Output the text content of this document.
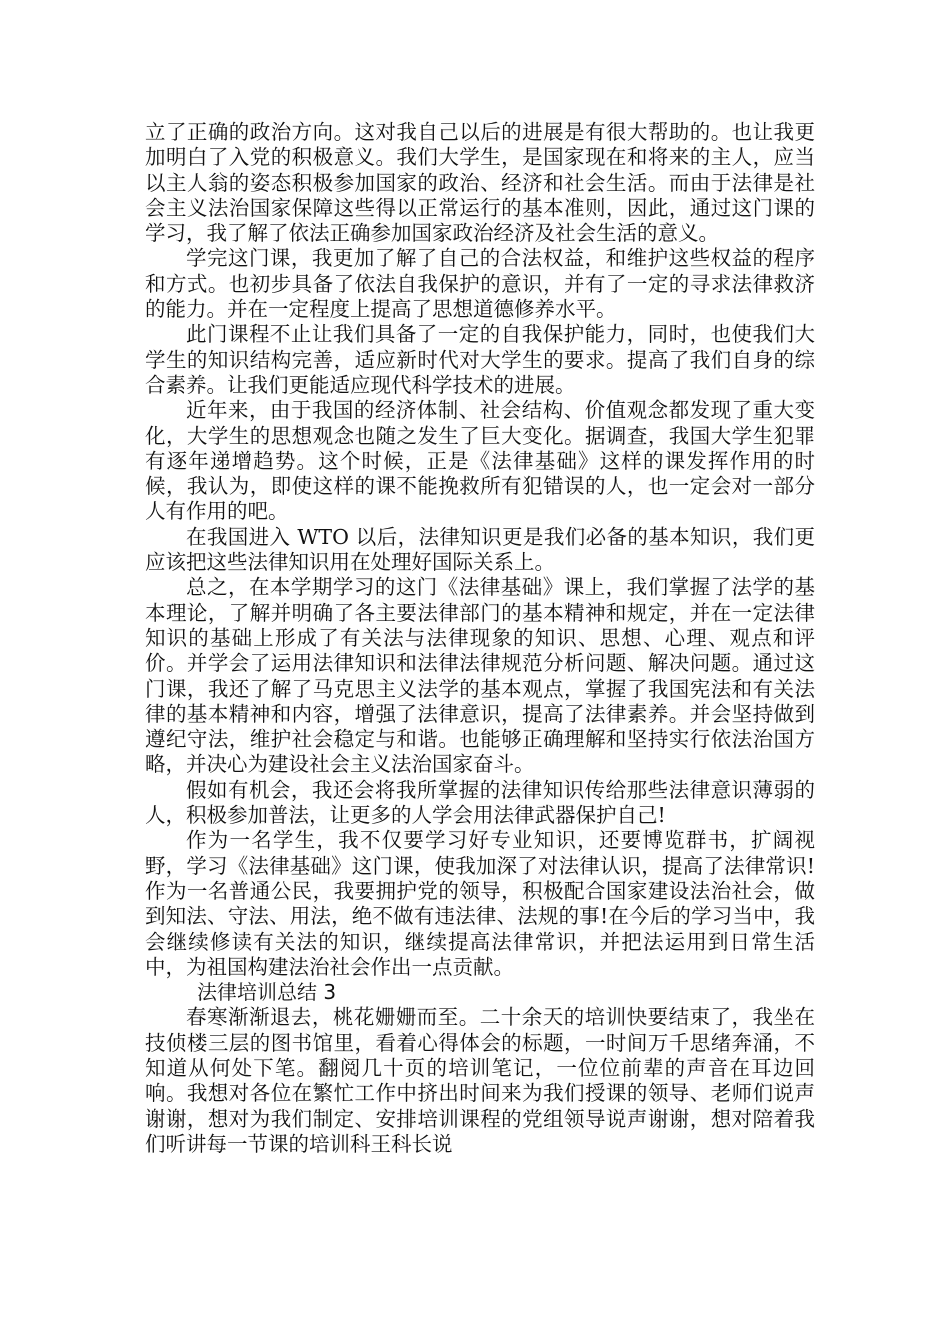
立了正确的政治方向。这对我自己以后的进展是有很大帮助的。也让我更加明白了入党的积极意义。我们大学生，是国家现在和将来的主人，应当以主人翁的姿态积极参加国家的政治、经济和社会生活。而由于法律是社会主义法治国家保障这些得以正常运行的基本准则，因此，通过这门课的学习，我了解了依法正确参加国家政治经济及社会生活的意义。

学完这门课，我更加了解了自己的合法权益，和维护这些权益的程序和方式。也初步具备了依法自我保护的意识，并有了一定的寻求法律救济的能力。并在一定程度上提高了思想道德修养水平。

此门课程不止让我们具备了一定的自我保护能力，同时，也使我们大学生的知识结构完善，适应新时代对大学生的要求。提高了我们自身的综合素养。让我们更能适应现代科学技术的进展。

近年来，由于我国的经济体制、社会结构、价值观念都发现了重大变化，大学生的思想观念也随之发生了巨大变化。据调查，我国大学生犯罪有逐年递增趋势。这个时候，正是《法律基础》这样的课发挥作用的时候，我认为，即使这样的课不能挽救所有犯错误的人，也一定会对一部分人有作用的吧。

在我国进入 WTO 以后，法律知识更是我们必备的基本知识，我们更应该把这些法律知识用在处理好国际关系上。

总之，在本学期学习的这门《法律基础》课上，我们掌握了法学的基本理论，了解并明确了各主要法律部门的基本精神和规定，并在一定法律知识的基础上形成了有关法与法律现象的知识、思想、心理、观点和评价。并学会了运用法律知识和法律法律规范分析问题、解决问题。通过这门课，我还了解了马克思主义法学的基本观点，掌握了我国宪法和有关法律的基本精神和内容，增强了法律意识，提高了法律素养。并会坚持做到遵纪守法，维护社会稳定与和谐。也能够正确理解和坚持实行依法治国方略，并决心为建设社会主义法治国家奋斗。

假如有机会，我还会将我所掌握的法律知识传给那些法律意识薄弱的人，积极参加普法，让更多的人学会用法律武器保护自己!

作为一名学生，我不仅要学习好专业知识，还要博览群书，扩阔视野，学习《法律基础》这门课，使我加深了对法律认识，提高了法律常识!作为一名普通公民，我要拥护党的领导，积极配合国家建设法治社会，做到知法、守法、用法，绝不做有违法律、法规的事!在今后的学习当中，我会继续修读有关法的知识，继续提高法律常识，并把法运用到日常生活中，为祖国构建法治社会作出一点贡献。

法律培训总结 3

春寒渐渐退去，桃花姗姗而至。二十余天的培训快要结束了，我坐在技侦楼三层的图书馆里，看着心得体会的标题，一时间万千思绪奔涌，不知道从何处下笔。翻阅几十页的培训笔记，一位位前辈的声音在耳边回响。我想对各位在繁忙工作中挤出时间来为我们授课的领导、老师们说声谢谢，想对为我们制定、安排培训课程的党组领导说声谢谢，想对陪着我们听讲每一节课的培训科王科长说
